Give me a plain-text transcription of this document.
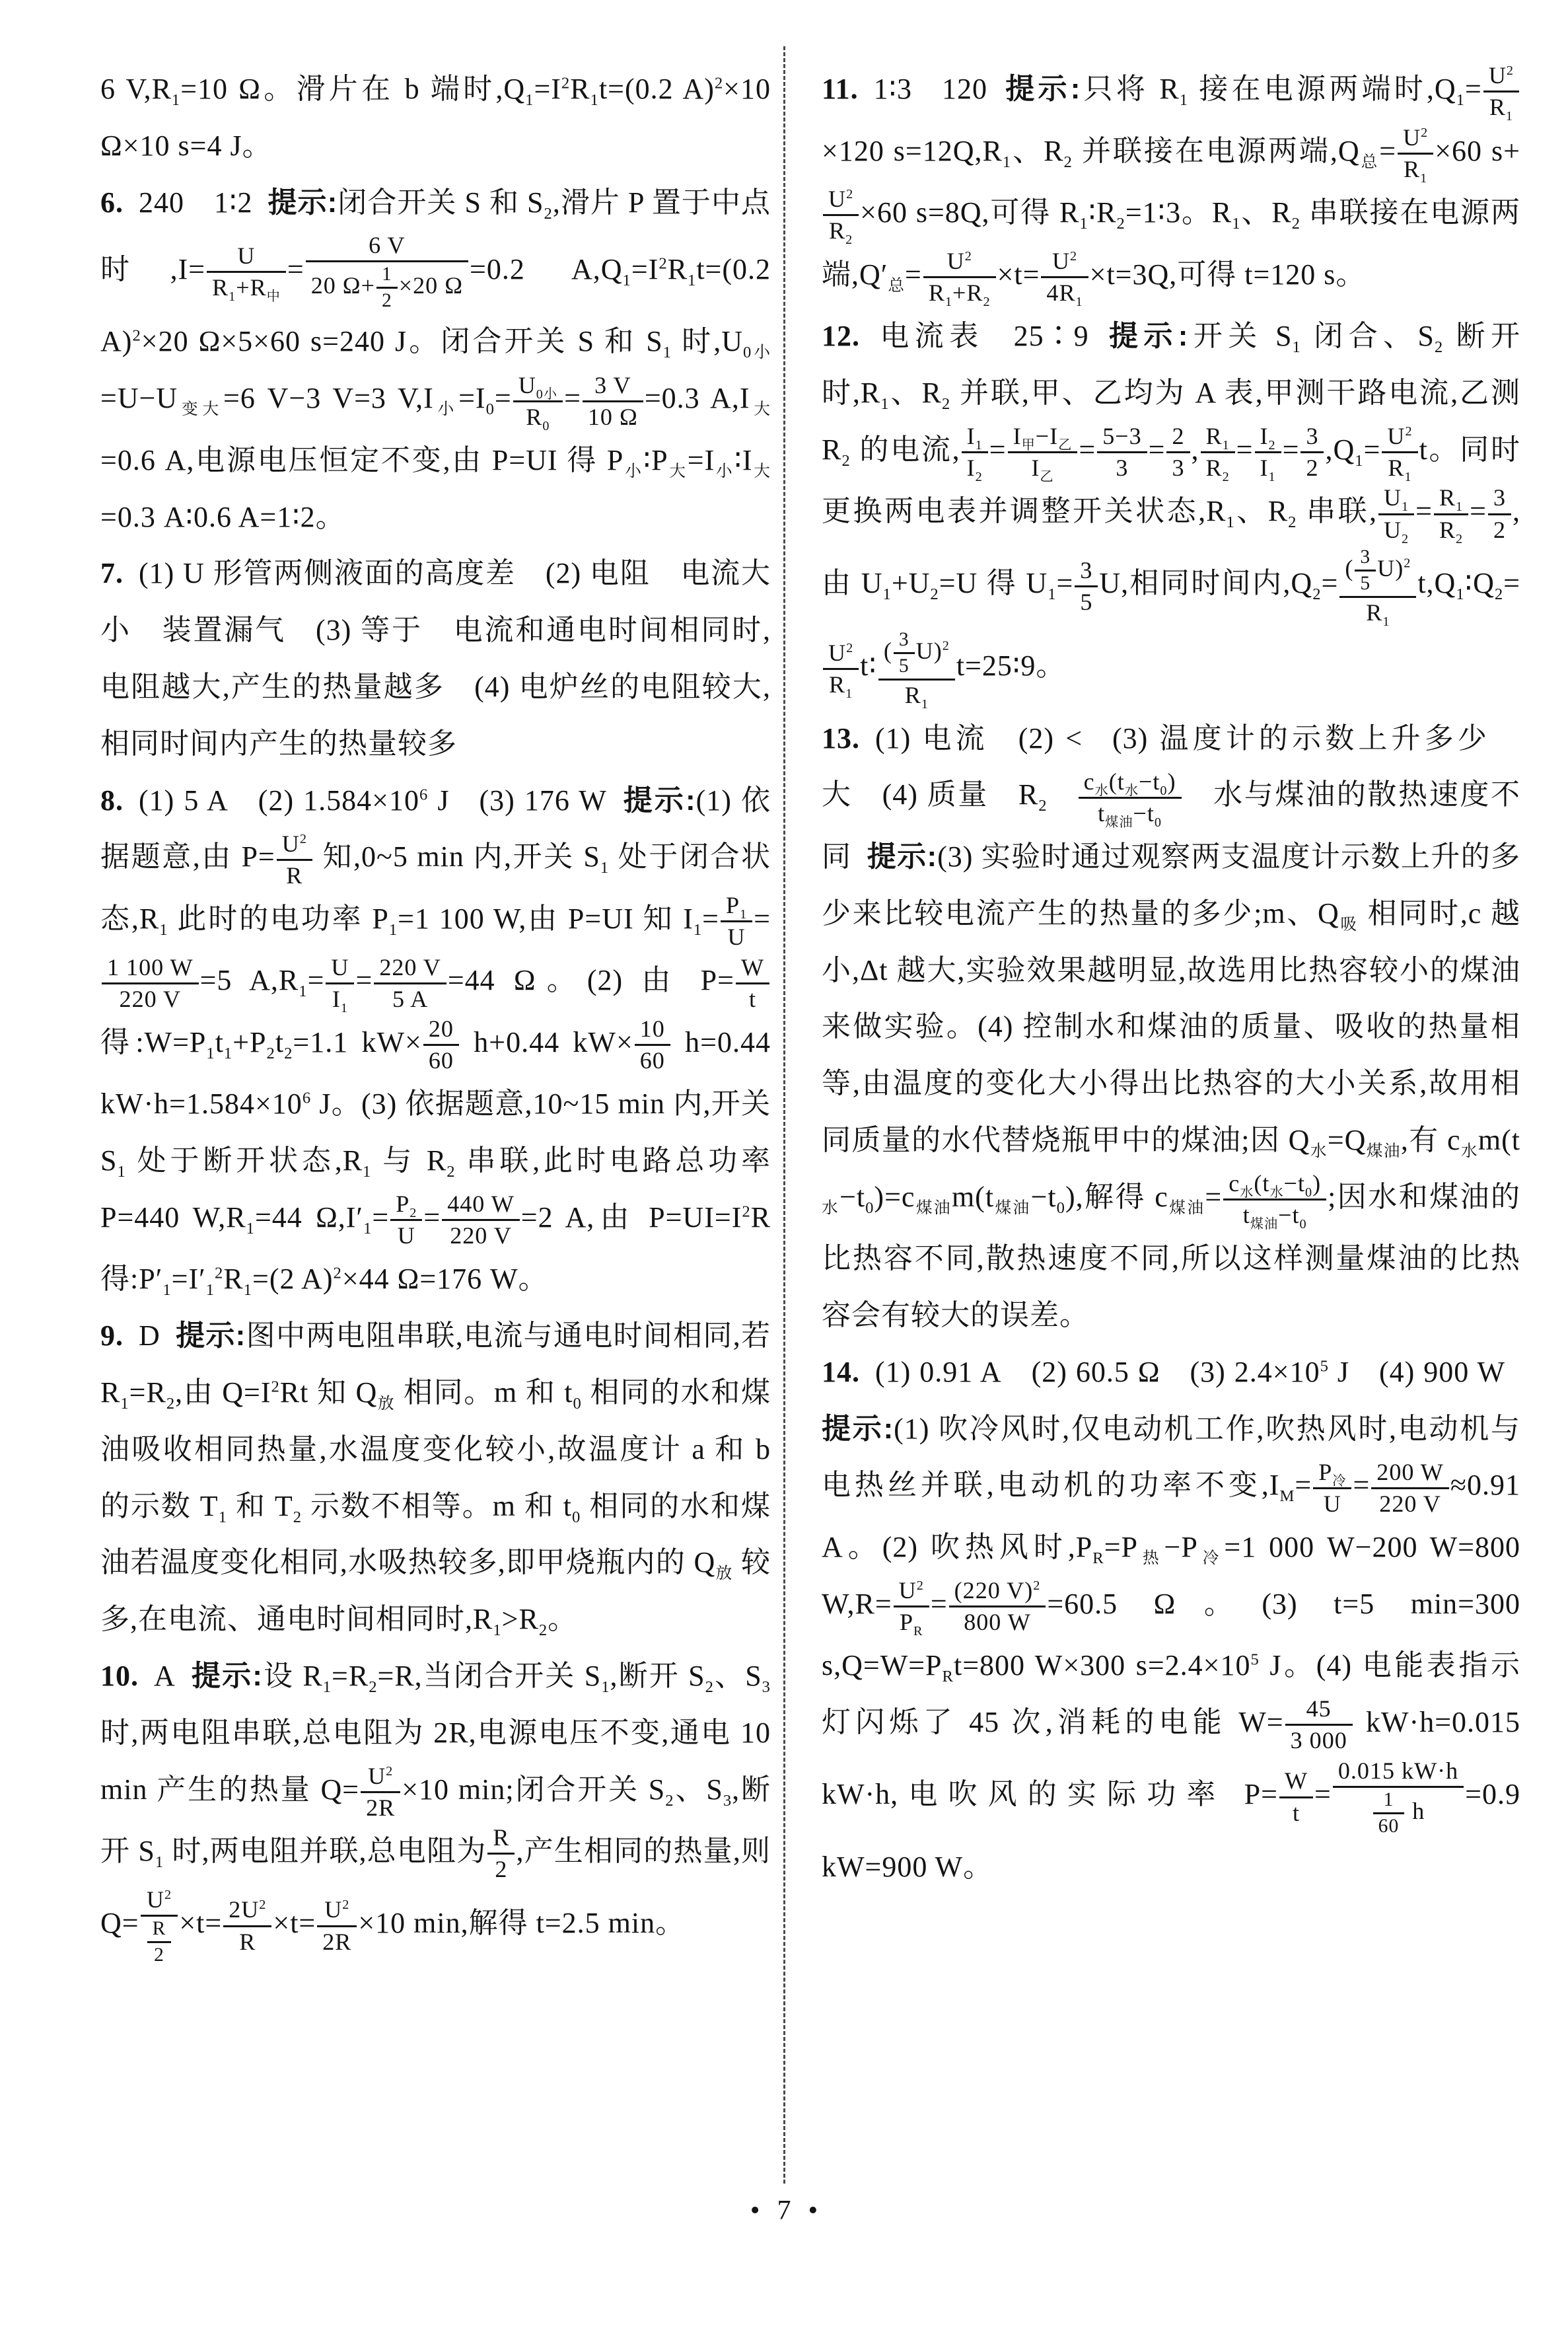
6 $V,R_1=10$ Ω。滑片在 b 端时$,Q_1=I^2R_1t=(0.2$ A)$^2$×10 Ω×10 s=4 J。

6.  240 1∶2  提示:闭合开关 S 和 $S_2$,滑片 P 置于中点时$,I= \frac{U}{R_1+R_中} = \frac{6 V}{20 \Omega+ \frac{1}{2} \times 20 \Omega} =0.2$ $A,Q_1=I^2R_1t=(0.2$ A)$^2$×20 Ω×5×60 s=240 J。闭合开关 S 和 $S_1$ 时$,U_{0小}=U-U_{变大}=6$ V−3 V=3 $V,I_小=I_0= \frac{U_{0小}}{R_0} = \frac{3 V}{10 \Omega} =0.3$ $A,I_大=0.6$ A,电源电压恒定不变,由 P=UI 得 $P_小∶P_大=I_小∶I_大=0.3$ A∶0.6 A=1∶2。

7.  (1) U 形管两侧液面的高度差 (2) 电阻 电流大小 装置漏气 (3) 等于 电流和通电时间相同时,电阻越大,产生的热量越多 (4) 电炉丝的电阻较大,相同时间内产生的热量较多

8.  (1) 5 A (2) $1.584\times 10^6$ J (3) 176 W  提示:(1) 依据题意,由 $P= \frac{U^2}{R}$ 知,0~5 min 内,开关 $S_1$ 处于闭合状态$,R_1$ 此时的电功率 $P_1=1$ 100 W,由 P=UI 知 $I_1= \frac{P_1}{U}$ =
$\frac{1 100 W}{220 V} =5$ $A,R_1= \frac{U}{I_1} = \frac{220 V}{5 A} =44$ Ω。(2) 由 $P= \frac{W}{t}$
得$:W=P_1t_1+P_2t_2=1.1$ $kW\times \frac{20}{60} h+0.44$ $kW\times \frac{10}{60} h=0.44$ $kW\cdot h=1.584\times 10^6$ J。(3) 依据题意,10~15 min 内,开关 $S_1$ 处于断开状态$,R_1$ 与 $R_2$ 串联,此时电路总功率 P=440 $W,R_1=44$ $\Omega,I'_1= \frac{P_2}{U} = \frac{440 W}{220 V} =2$ A,由 $P=UI=I^2R$ 得$:P'_1=I'_1^2R_1=(2$ A)$^2$×44 Ω=176 W。

9.  D  提示:图中两电阻串联,电流与通电时间相同,若 $R_1=R_2$,由 $Q=I^2Rt$ 知 $Q_放$ 相同。m 和 $t_0$ 相同的水和煤油吸收相同热量,水温度变化较小,故温度计 a 和 b 的示数 $T_1$ 和 $T_2$ 示数不相等。m 和 $t_0$ 相同的水和煤油若温度变化相同,水吸热较多,即甲烧瓶内的 $Q_放$ 较多,在电流、通电时间相同时$,R_1>R_2$。

10.  A  提示:设 $R_1=R_2=R$,当闭合开关 $S_1$,断开 $S_2$、$S_3$ 时,两电阻串联,总电阻为 2R,电源电压不变,通电 10 min 产生的热量 $Q= \frac{U^2}{2R} \times 10$ min;闭合开关 $S_2$、$S_3$,断开 $S_1$ 时,两电阻并联,总电阻为 $\frac{R}{2}$ ,产生相同的热量,则 $Q= \frac{U^2}{\frac{R}{2}} \times t= \frac{2U^2}{R} \times t= \frac{U^2}{2R} \times 10$ min,解得 t=2.5 min。

11.  1∶3 120  提示:只将 $R_1$ 接在电源两端时$,Q_1= \frac{U^2}{R_1}$
×120 $s=12Q,R_1$、$R_2$ 并联接在电源两端$,Q_总= \frac{U^2}{R_1} \times 60$ s+
$\frac{U^2}{R_2} \times 60$ s=8Q,可得 $R_1∶R_2=1∶3$。$R_1$、$R_2$ 串联接在电源两端$,Q'_总= \frac{U^2}{R_1+R_2} \times t= \frac{U^2}{4R_1} \times t=3Q$,可得 t=120 s。

12.  电流表 25∶9  提示:开关 $S_1$ 闭合、$S_2$ 断开时$,R_1$、$R_2$ 并联,甲、乙均为 A 表,甲测干路电流,乙测 $R_2$ 的电流, $\frac{I_1}{I_2} = \frac{I_甲-I_乙}{I_乙} = \frac{5-3}{3} = \frac{2}{3}$ , $\frac{R_1}{R_2} = \frac{I_2}{I_1} = \frac{3}{2} ,Q_1= \frac{U^2}{R_1}$ t。同时更换两电表并调整开关状态$,R_1$、$R_2$ 串联, $\frac{U_1}{U_2} = \frac{R_1}{R_2} = \frac{3}{2}$ ,由 $U_1+U_2=U$ 得 $U_1= \frac{3}{5} U$,相同时间内$,Q_2= \frac{( \frac{3}{5} U)^2}{R_1}$ $t,Q_1∶Q_2=$
$\frac{U^2}{R_1}$ t∶ $\frac{( \frac{3}{5} U)^2}{R_1}$ t=25∶9。

13.  (1) 电流 (2) < (3) 温度计的示数上升多少 大 (4) 质量 $R_2$  $\frac{c_水(t_水-t_0)}{t_{煤油}-t_0}$  水与煤油的散热速度不同  提示:(3) 实验时通过观察两支温度计示数上升的多少来比较电流产生的热量的多少;m、$Q_吸$ 相同时,c 越小,Δt 越大,实验效果越明显,故选用比热容较小的煤油来做实验。(4) 控制水和煤油的质量、吸收的热量相等,由温度的变化大小得出比热容的大小关系,故用相同质量的水代替烧瓶甲中的煤油;因 $Q_水=Q_{煤油}$,有 $c_水m(t_水-t_0)=c_{煤油}m(t_{煤油}-t_0)$,解得 $c_{煤油}= \frac{c_水(t_水-t_0)}{t_{煤油}-t_0}$ ;因水和煤油的比热容不同,散热速度不同,所以这样测量煤油的比热容会有较大的误差。

14.  (1) 0.91 A (2) 60.5 Ω (3) $2.4\times 10^5$ J (4) 900 W 提示:(1) 吹冷风时,仅电动机工作,吹热风时,电动机与电热丝并联,电动机的功率不变$,I_M= \frac{P_冷}{U} = \frac{200 W}{220 V} \approx 0.91$ A。(2) 吹热风时$,P_R=P_热-P_冷=1$ 000 W−200 W=800 $W,R= \frac{U^2}{P_R} = \frac{(220 V)^2}{800 W} =60.5$ Ω。(3) t=5 min=300 $s,Q=W=P_Rt=800$ W×300 $s=2.4\times 10^5$ J。(4) 电能表指示灯闪烁了 45 次,消耗的电能 $W= \frac{45}{3 000} kW\cdot h=0.015$ kW·h,电吹风的实际功率 $P= \frac{W}{t} = \frac{0.015 kW\cdot h}{\frac{1}{60} h} =0.9$ kW=900 W。

• 7 •
